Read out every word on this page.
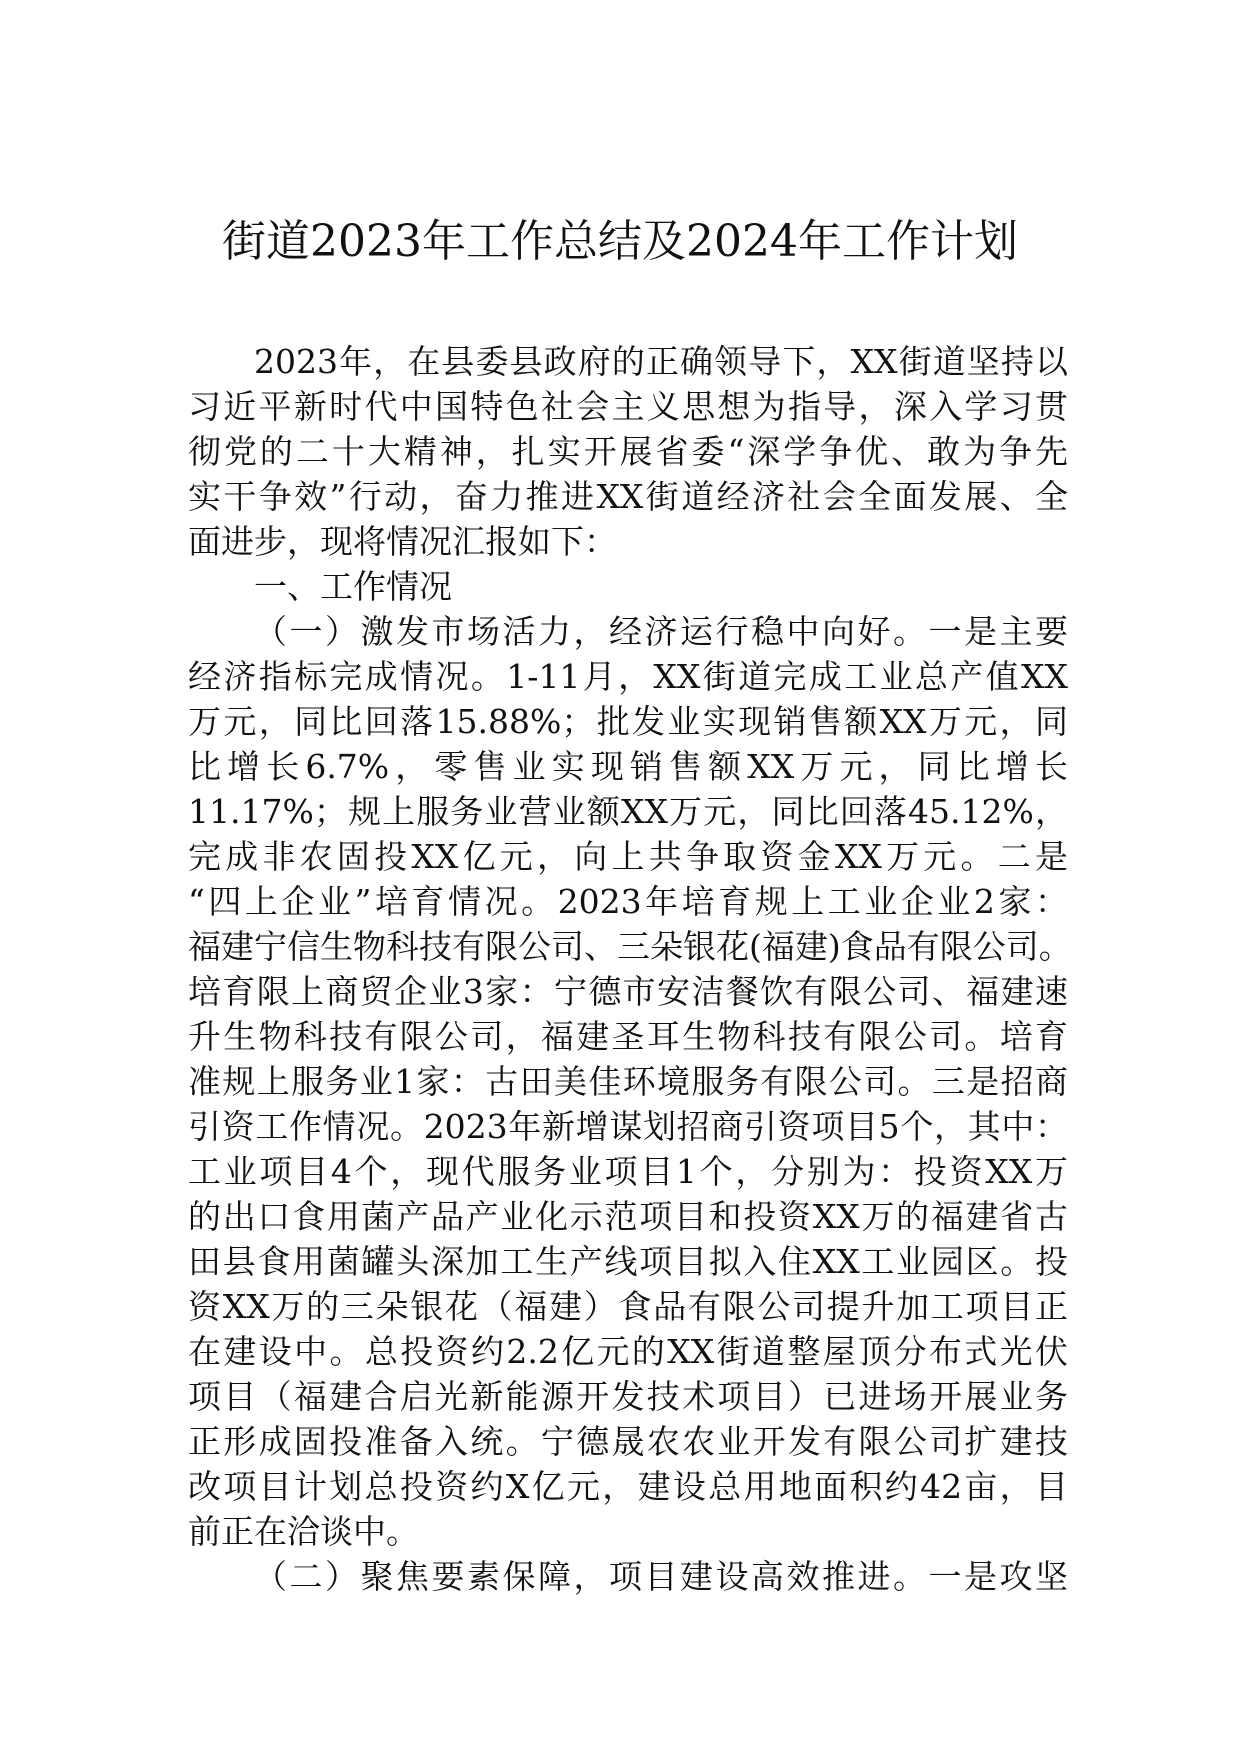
街道2023年工作总结及2024年工作计划
2023年，在县委县政府的正确领导下，XX街道坚持以
习近平新时代中国特色社会主义思想为指导，深入学习贯
彻党的二十大精神，扎实开展省委“深学争优、敢为争先
实干争效”行动，奋力推进XX街道经济社会全面发展、全
面进步，现将情况汇报如下：
一、工作情况
（一）激发市场活力，经济运行稳中向好。一是主要
经济指标完成情况。1-11月，XX街道完成工业总产值XX
万元，同比回落15.88%；批发业实现销售额XX万元，同
比增长6.7%，零售业实现销售额XX万元，同比增长
11.17%；规上服务业营业额XX万元，同比回落45.12%，
完成非农固投XX亿元，向上共争取资金XX万元。二是
“四上企业”培育情况。2023年培育规上工业企业2家：
福建宁信生物科技有限公司、三朵银花(福建)食品有限公司。
培育限上商贸企业3家：宁德市安洁餐饮有限公司、福建速
升生物科技有限公司，福建圣耳生物科技有限公司。培育
准规上服务业1家：古田美佳环境服务有限公司。三是招商
引资工作情况。2023年新增谋划招商引资项目5个，其中：
工业项目4个，现代服务业项目1个，分别为：投资XX万
的出口食用菌产品产业化示范项目和投资XX万的福建省古
田县食用菌罐头深加工生产线项目拟入住XX工业园区。投
资XX万的三朵银花（福建）食品有限公司提升加工项目正
在建设中。总投资约2.2亿元的XX街道整屋顶分布式光伏
项目（福建合启光新能源开发技术项目）已进场开展业务
正形成固投准备入统。宁德晟农农业开发有限公司扩建技
改项目计划总投资约X亿元，建设总用地面积约42亩，目
前正在洽谈中。
（二）聚焦要素保障，项目建设高效推进。一是攻坚
